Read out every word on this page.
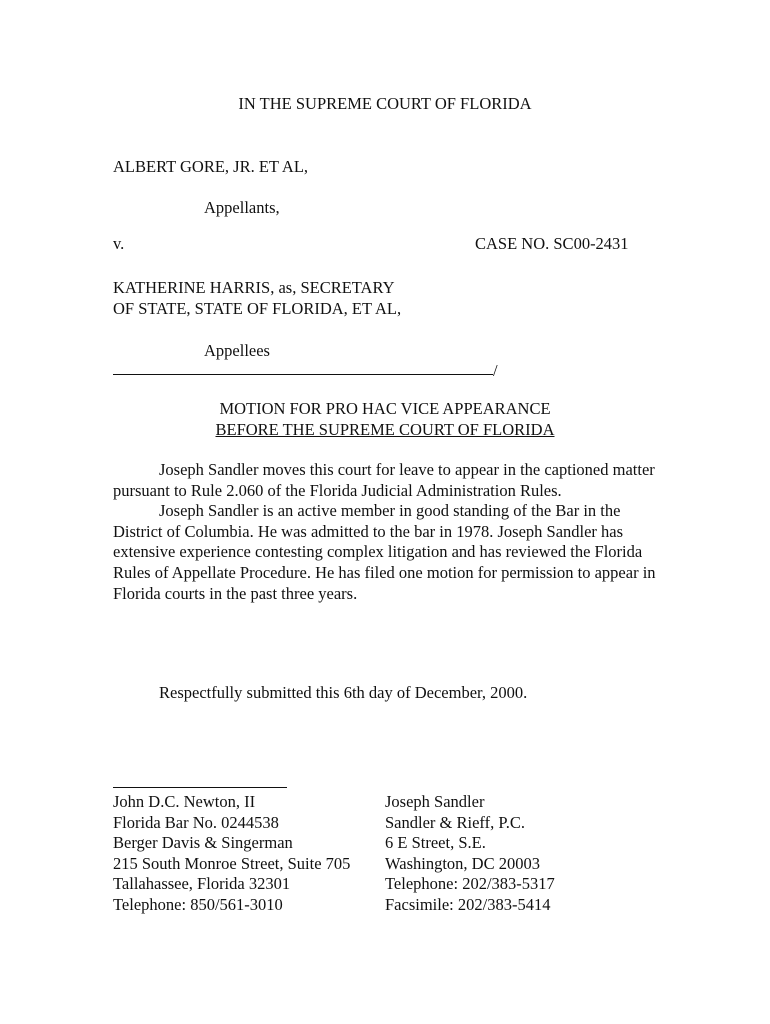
IN THE SUPREME COURT OF FLORIDA
ALBERT GORE, JR. ET AL,
Appellants,
v.	CASE NO. SC00-2431
KATHERINE HARRIS, as, SECRETARY
OF STATE, STATE OF FLORIDA, ET AL,
Appellees
/
MOTION FOR PRO HAC VICE APPEARANCE
BEFORE THE SUPREME COURT OF FLORIDA

Joseph Sandler moves this court for leave to appear in the captioned matter pursuant to Rule 2.060 of the Florida Judicial Administration Rules.

Joseph Sandler is an active member in good standing of the Bar in the District of Columbia. He was admitted to the bar in 1978. Joseph Sandler has extensive experience contesting complex litigation and has reviewed the Florida Rules of Appellate Procedure. He has filed one motion for permission to appear in Florida courts in the past three years.

Respectfully submitted this 6th day of December, 2000.
John D.C. Newton, II
Florida Bar No. 0244538
Berger Davis & Singerman
215 South Monroe Street, Suite 705
Tallahassee, Florida 32301
Telephone: 850/561-3010
Joseph Sandler
Sandler & Rieff, P.C.
6 E Street, S.E.
Washington, DC 20003
Telephone: 202/383-5317
Facsimile: 202/383-5414
